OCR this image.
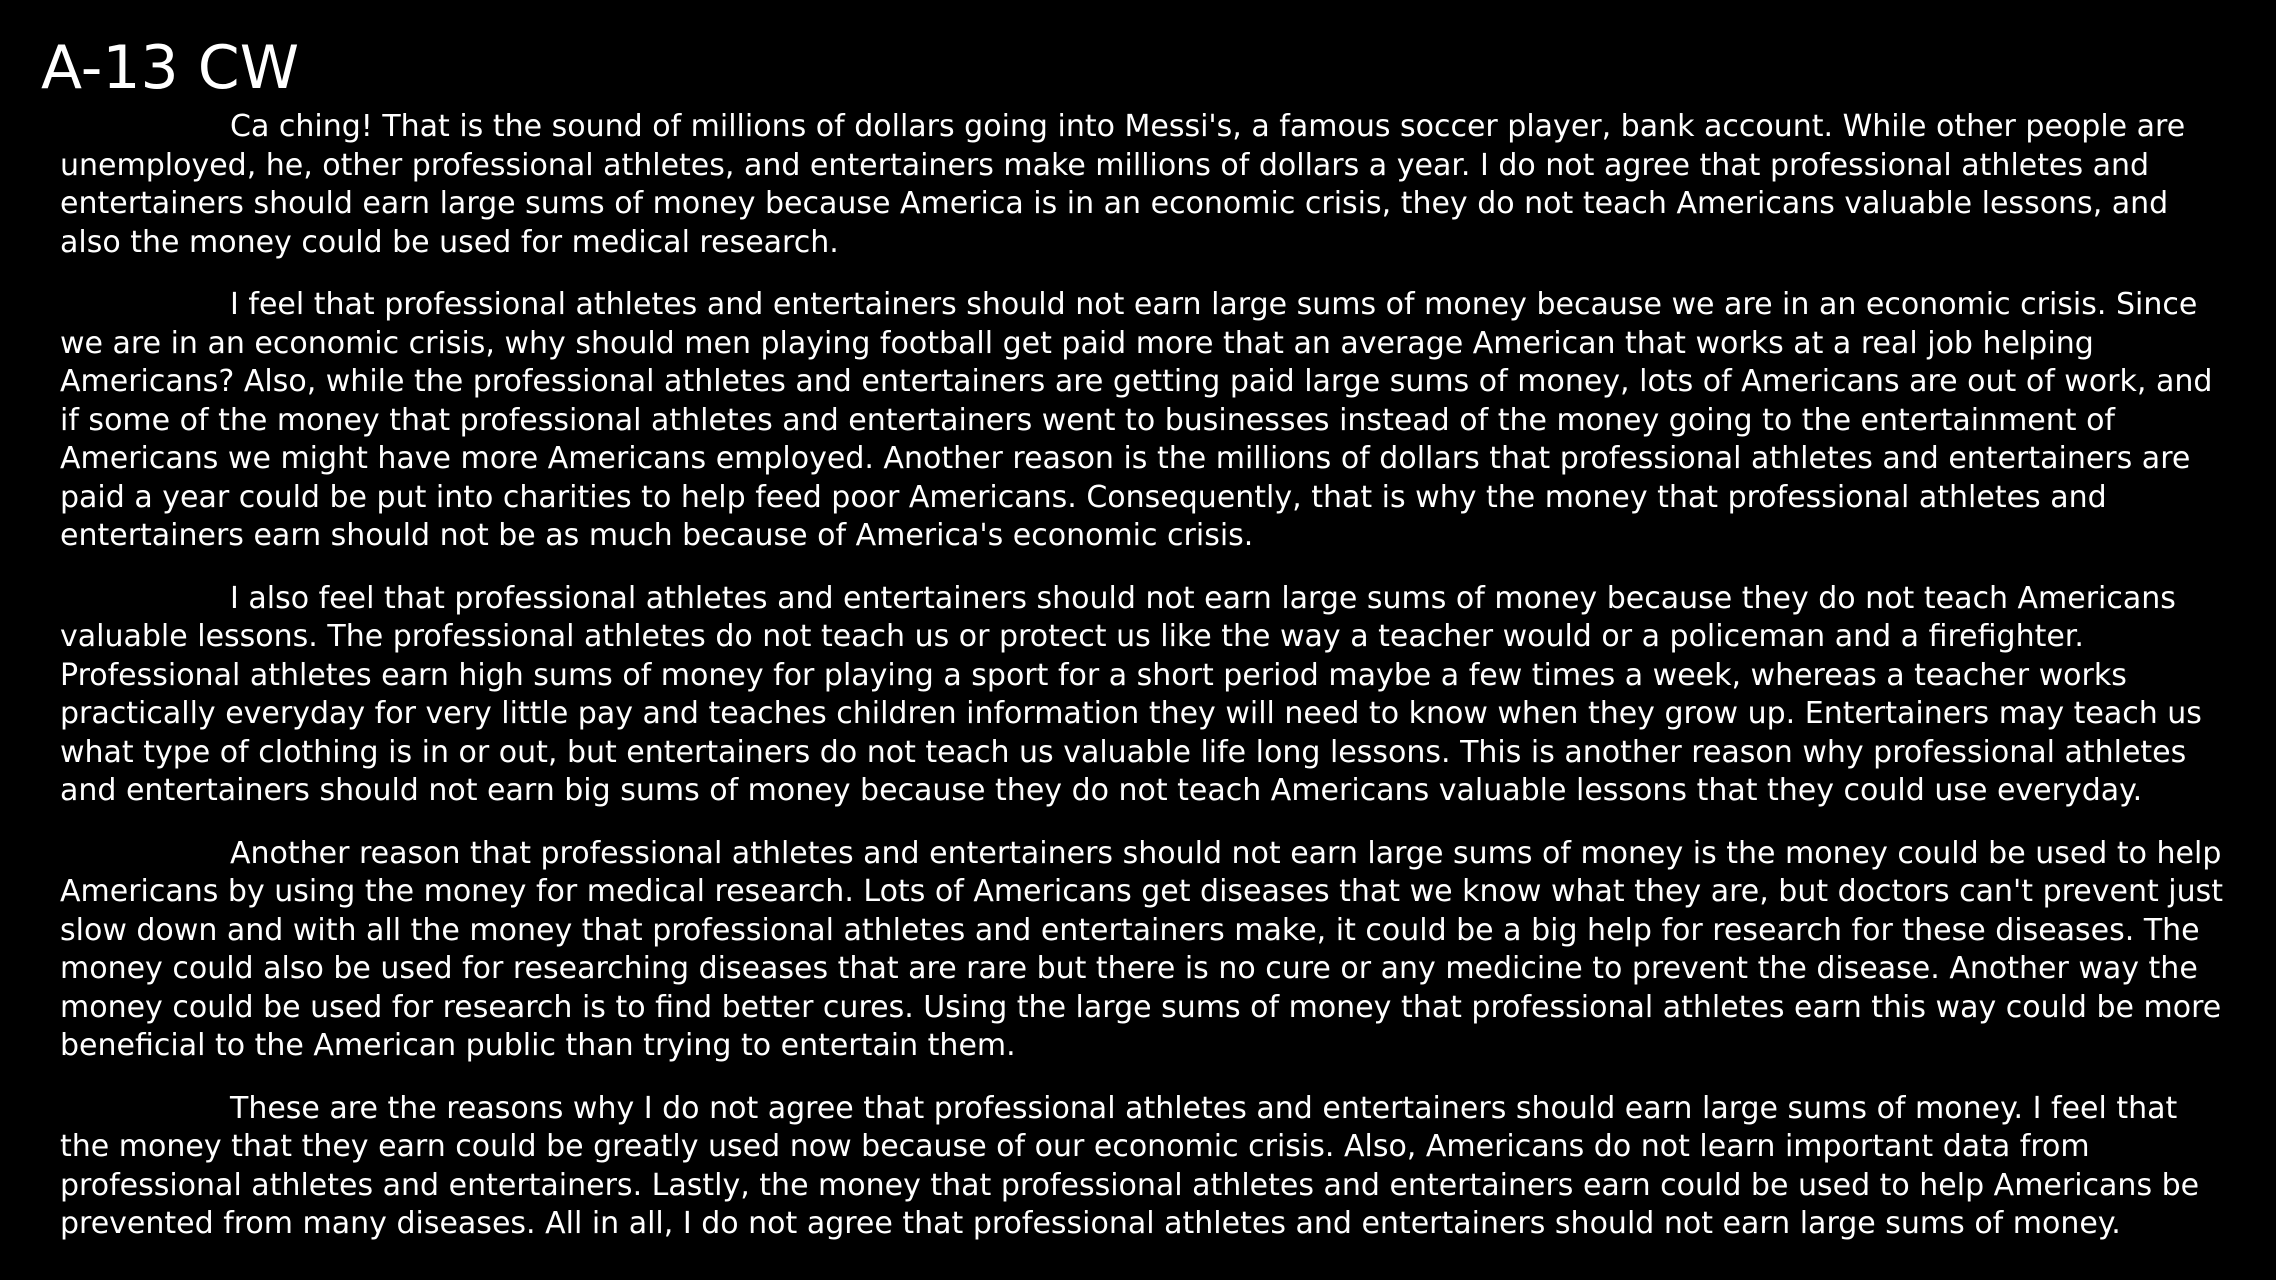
A-13 CW

Ca ching! That is the sound of millions of dollars going into Messi's, a famous soccer player, bank account. While other people are unemployed, he, other professional athletes, and entertainers make millions of dollars a year. I do not agree that professional athletes and entertainers should earn large sums of money because America is in an economic crisis, they do not teach Americans valuable lessons, and also the money could be used for medical research.

I feel that professional athletes and entertainers should not earn large sums of money because we are in an economic crisis. Since we are in an economic crisis, why should men playing football get paid more that an average American that works at a real job helping Americans? Also, while the professional athletes and entertainers are getting paid large sums of money, lots of Americans are out of work, and if some of the money that professional athletes and entertainers went to businesses instead of the money going to the entertainment of Americans we might have more Americans employed. Another reason is the millions of dollars that professional athletes and entertainers are paid a year could be put into charities to help feed poor Americans. Consequently, that is why the money that professional athletes and entertainers earn should not be as much because of America's economic crisis.

I also feel that professional athletes and entertainers should not earn large sums of money because they do not teach Americans valuable lessons. The professional athletes do not teach us or protect us like the way a teacher would or a policeman and a firefighter. Professional athletes earn high sums of money for playing a sport for a short period maybe a few times a week, whereas a teacher works practically everyday for very little pay and teaches children information they will need to know when they grow up. Entertainers may teach us what type of clothing is in or out, but entertainers do not teach us valuable life long lessons. This is another reason why professional athletes and entertainers should not earn big sums of money because they do not teach Americans valuable lessons that they could use everyday.

Another reason that professional athletes and entertainers should not earn large sums of money is the money could be used to help Americans by using the money for medical research. Lots of Americans get diseases that we know what they are, but doctors can't prevent just slow down and with all the money that professional athletes and entertainers make, it could be a big help for research for these diseases. The money could also be used for researching diseases that are rare but there is no cure or any medicine to prevent the disease. Another way the money could be used for research is to find better cures. Using the large sums of money that professional athletes earn this way could be more beneficial to the American public than trying to entertain them.

These are the reasons why I do not agree that professional athletes and entertainers should earn large sums of money. I feel that the money that they earn could be greatly used now because of our economic crisis. Also, Americans do not learn important data from professional athletes and entertainers. Lastly, the money that professional athletes and entertainers earn could be used to help Americans be prevented from many diseases. All in all, I do not agree that professional athletes and entertainers should not earn large sums of money.
